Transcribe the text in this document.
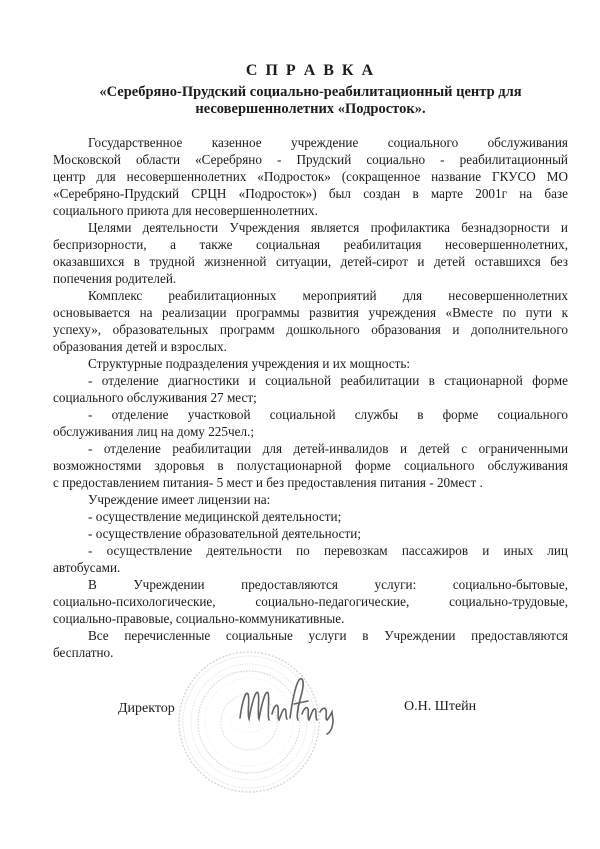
С П Р А В К А
«Серебряно-Прудский социально-реабилитационный центр для
несовершеннолетних «Подросток».
Государственное казенное учреждение социального обслуживания
Московской области «Серебряно - Прудский социально - реабилитационный
центр для несовершеннолетних «Подросток» (сокращенное название ГКУСО МО
«Серебряно-Прудский СРЦН «Подросток») был создан в марте 2001г на базе
социального приюта для несовершеннолетних.
Целями деятельности Учреждения является профилактика безнадзорности и
беспризорности, а также социальная реабилитация несовершеннолетних,
оказавшихся в трудной жизненной ситуации, детей-сирот и детей оставшихся без
попечения родителей.
Комплекс реабилитационных мероприятий для несовершеннолетних
основывается на реализации программы развития учреждения «Вместе по пути к
успеху», образовательных программ дошкольного образования и дополнительного
образования детей и взрослых.
Структурные подразделения учреждения и их мощность:
- отделение диагностики и социальной реабилитации в стационарной форме
социального обслуживания 27 мест;
- отделение участковой социальной службы в форме социального
обслуживания лиц на дому 225чел.;
- отделение реабилитации для детей-инвалидов и детей с ограниченными
возможностями здоровья в полустационарной форме социального обслуживания
с предоставлением питания- 5 мест и без предоставления питания - 20мест .
Учреждение имеет лицензии на:
- осуществление медицинской деятельности;
- осуществление образовательной деятельности;
- осуществление деятельности по перевозкам пассажиров и иных лиц
автобусами.
В Учреждении предоставляются услуги: социально-бытовые,
социально-психологические, социально-педагогические, социально-трудовые,
социально-правовые, социально-коммуникативные.
Все перечисленные социальные услуги в Учреждении предоставляются
бесплатно.
Директор	О.Н. Штейн
